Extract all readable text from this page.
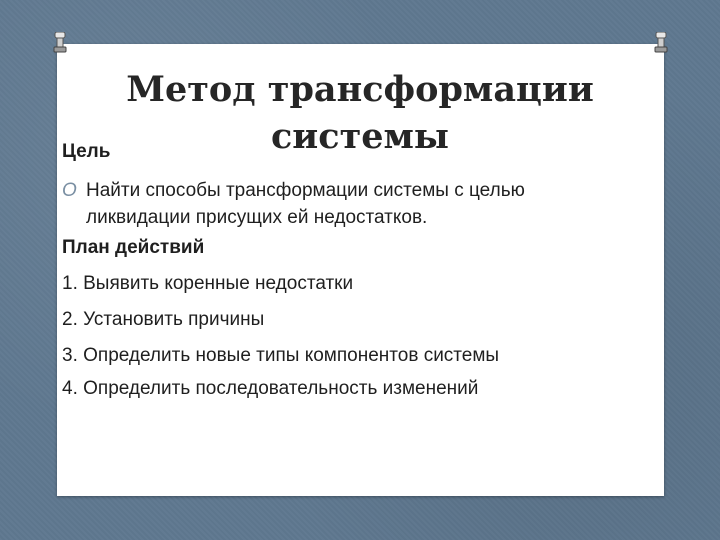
Метод трансформации
системы
Цель
O Найти способы трансформации системы с целью
ликвидации присущих ей недостатков.
План действий
1. Выявить коренные недостатки
2. Установить причины
3. Определить новые типы компонентов системы
4. Определить последовательность изменений
